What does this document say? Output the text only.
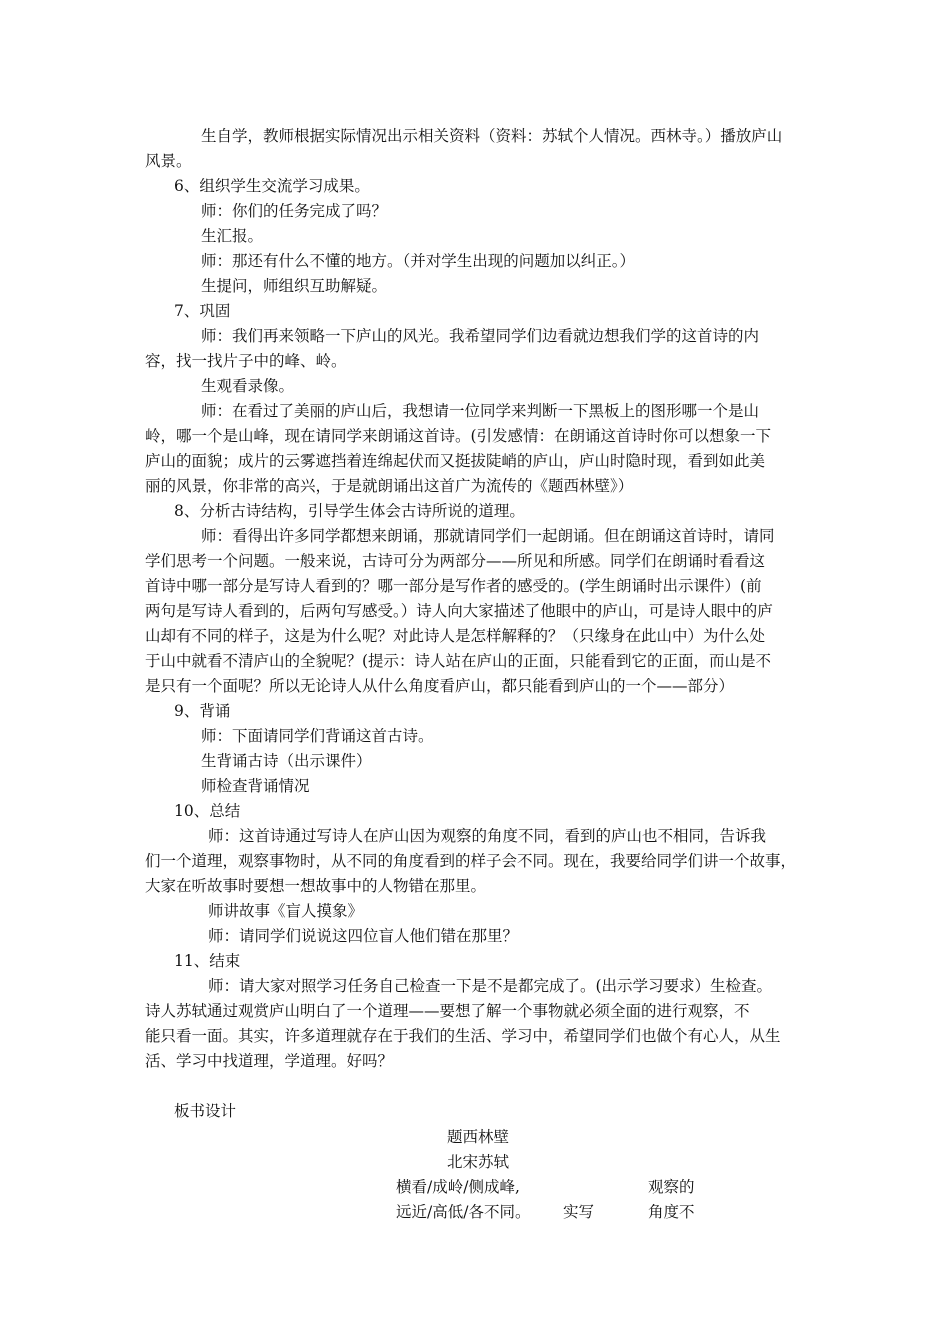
生自学，教师根据实际情况出示相关资料（资料：苏轼个人情况。西林寺。）播放庐山

风景。

6、组织学生交流学习成果。

师：你们的任务完成了吗？

生汇报。

师：那还有什么不懂的地方。（并对学生出现的问题加以纠正。）

生提问，师组织互助解疑。

7、巩固

师：我们再来领略一下庐山的风光。我希望同学们边看就边想我们学的这首诗的内

容，找一找片子中的峰、岭。

生观看录像。

师：在看过了美丽的庐山后，我想请一位同学来判断一下黑板上的图形哪一个是山

岭，哪一个是山峰，现在请同学来朗诵这首诗。(引发感情：在朗诵这首诗时你可以想象一下

庐山的面貌；成片的云雾遮挡着连绵起伏而又挺拔陡峭的庐山，庐山时隐时现，看到如此美

丽的风景，你非常的高兴，于是就朗诵出这首广为流传的《题西林壁》）

8、分析古诗结构，引导学生体会古诗所说的道理。

师：看得出许多同学都想来朗诵，那就请同学们一起朗诵。但在朗诵这首诗时，请同

学们思考一个问题。一般来说，古诗可分为两部分——所见和所感。同学们在朗诵时看看这

首诗中哪一部分是写诗人看到的？哪一部分是写作者的感受的。(学生朗诵时出示课件）(前

两句是写诗人看到的，后两句写感受。）诗人向大家描述了他眼中的庐山，可是诗人眼中的庐

山却有不同的样子，这是为什么呢？对此诗人是怎样解释的？（只缘身在此山中）为什么处

于山中就看不清庐山的全貌呢？(提示：诗人站在庐山的正面，只能看到它的正面，而山是不

是只有一个面呢？所以无论诗人从什么角度看庐山，都只能看到庐山的一个——部分）

9、背诵

师：下面请同学们背诵这首古诗。

生背诵古诗（出示课件）

师检查背诵情况

10、总结

师：这首诗通过写诗人在庐山因为观察的角度不同，看到的庐山也不相同，告诉我

们一个道理，观察事物时，从不同的角度看到的样子会不同。现在，我要给同学们讲一个故事，

大家在听故事时要想一想故事中的人物错在那里。

师讲故事《盲人摸象》

师：请同学们说说这四位盲人他们错在那里？

11、结束

师：请大家对照学习任务自己检查一下是不是都完成了。(出示学习要求）生检查。

诗人苏轼通过观赏庐山明白了一个道理——要想了解一个事物就必须全面的进行观察，不

能只看一面。其实，许多道理就存在于我们的生活、学习中，希望同学们也做个有心人，从生

活、学习中找道理，学道理。好吗？

板书设计

题西林壁

北宋苏轼

横看/成岭/侧成峰,	观察的

远近/高低/各不同。 实写	角度不
